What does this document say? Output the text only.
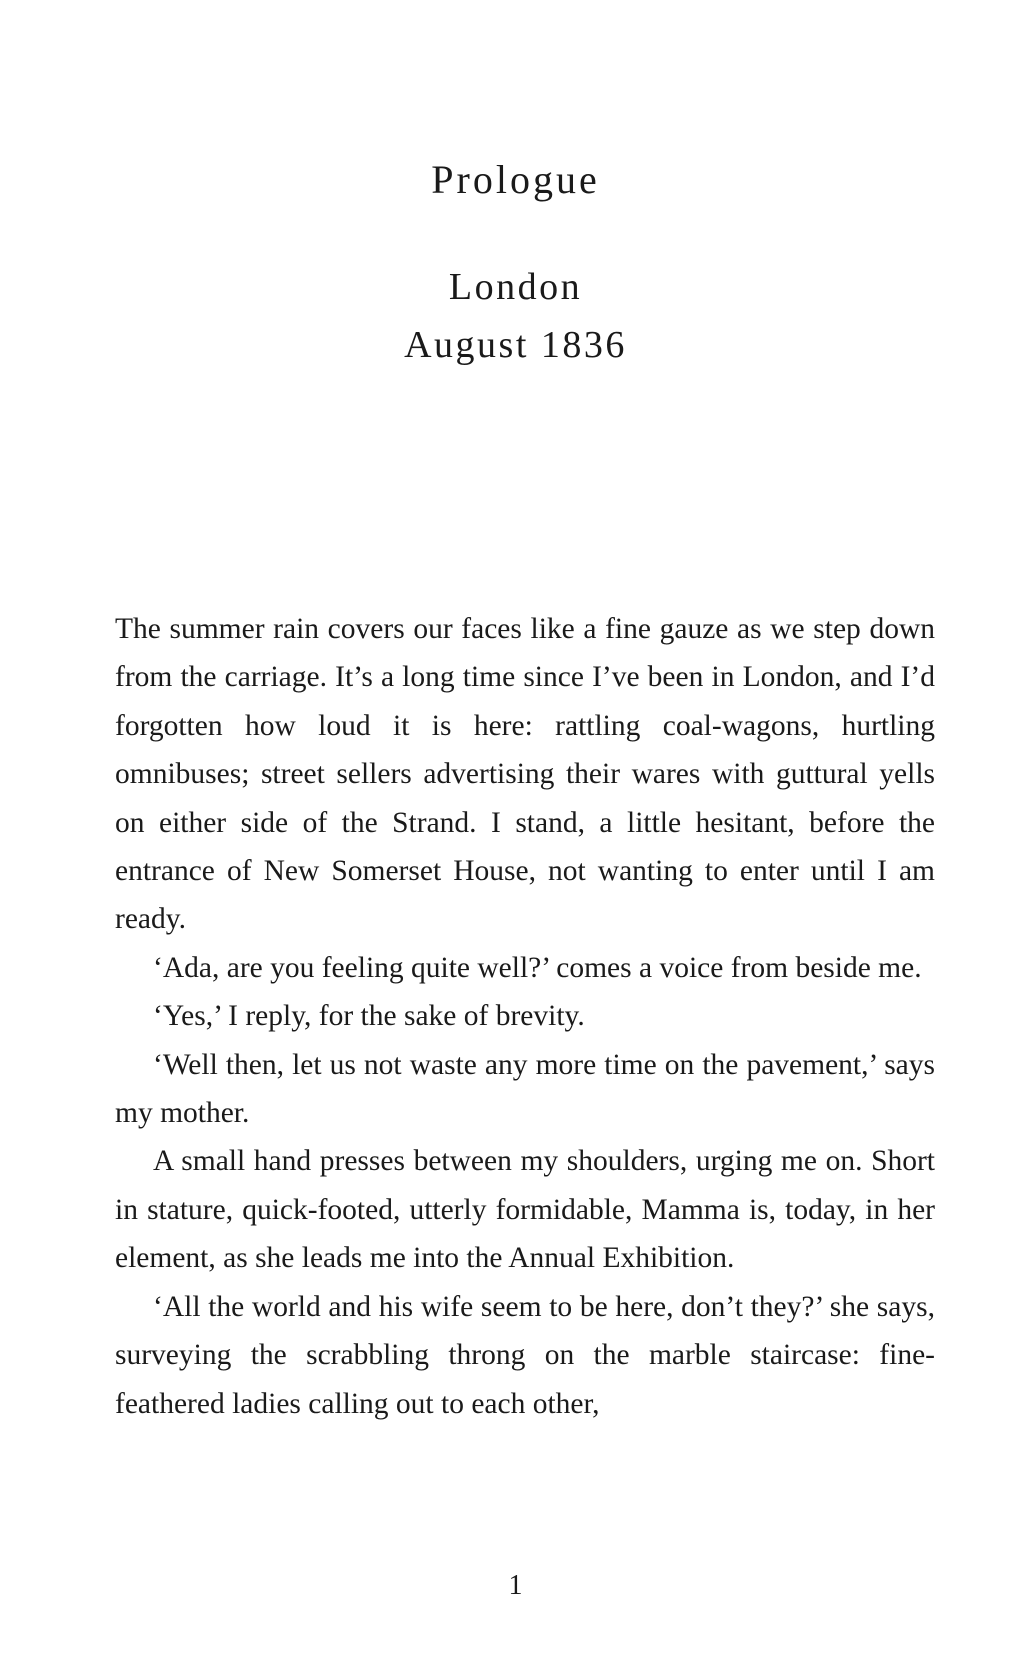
Prologue
London
August 1836

The summer rain covers our faces like a fine gauze as we step down from the carriage. It’s a long time since I’ve been in London, and I’d forgotten how loud it is here: rattling coal-wagons, hurtling omnibuses; street sellers advertising their wares with guttural yells on either side of the Strand. I stand, a little hesitant, before the entrance of New Somerset House, not wanting to enter until I am ready.

‘Ada, are you feeling quite well?’ comes a voice from beside me.

‘Yes,’ I reply, for the sake of brevity.

‘Well then, let us not waste any more time on the pavement,’ says my mother.

A small hand presses between my shoulders, urging me on. Short in stature, quick-footed, utterly formidable, Mamma is, today, in her element, as she leads me into the Annual Exhibition.

‘All the world and his wife seem to be here, don’t they?’ she says, surveying the scrabbling throng on the marble staircase: fine-feathered ladies calling out to each other,

1
